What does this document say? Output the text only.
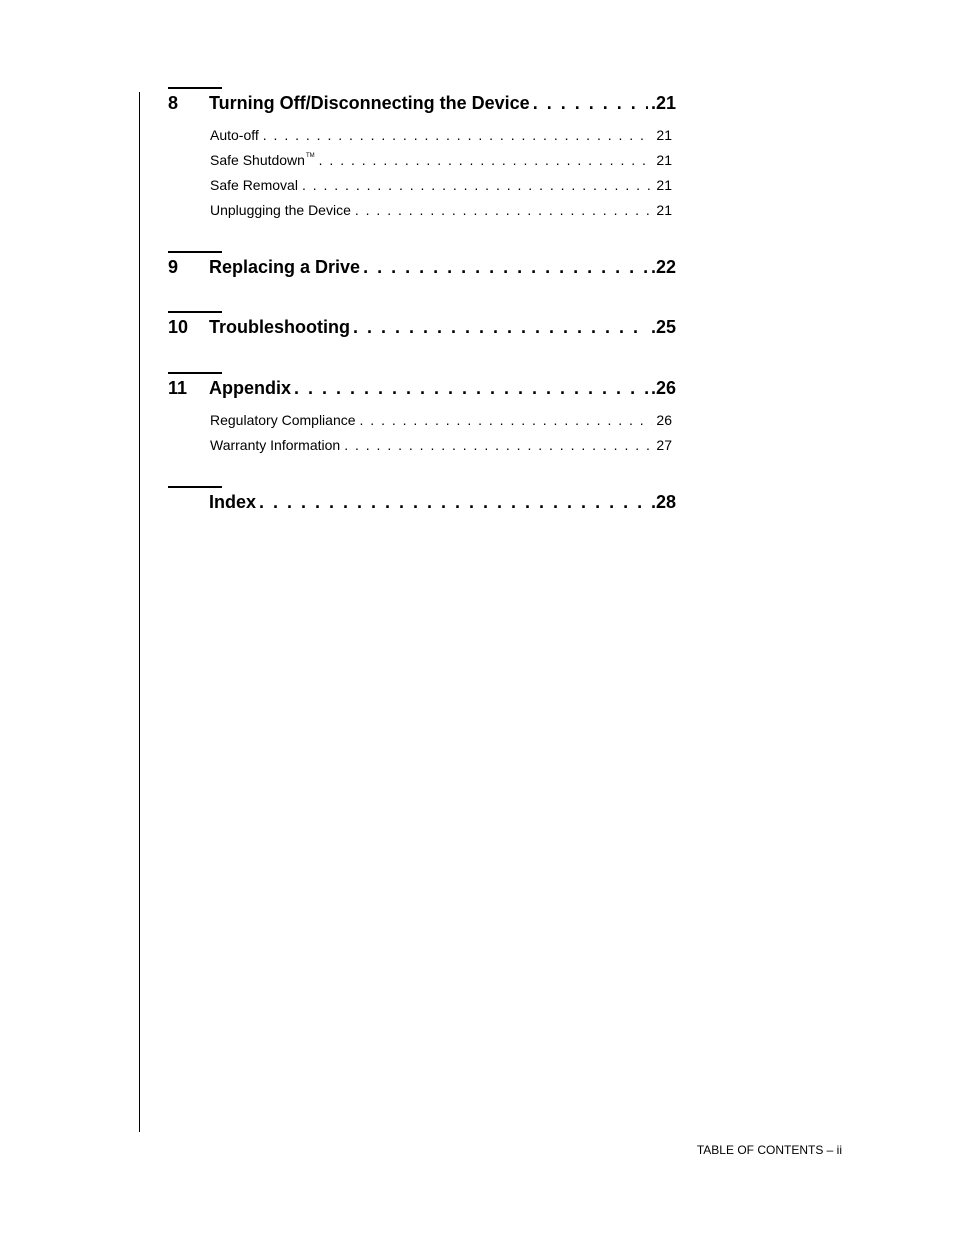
8	Turning Off/Disconnecting the Device . . .	.21
Auto-off . . .	21
Safe Shutdown™ . . .	21
Safe Removal . . .	21
Unplugging the Device . . .	21
9	Replacing a Drive . . .	.22
10	Troubleshooting . . .	.25
11	Appendix . . .	.26
Regulatory Compliance . . .	26
Warranty Information . . .	27
Index . . .	.28
TABLE OF CONTENTS – ii
